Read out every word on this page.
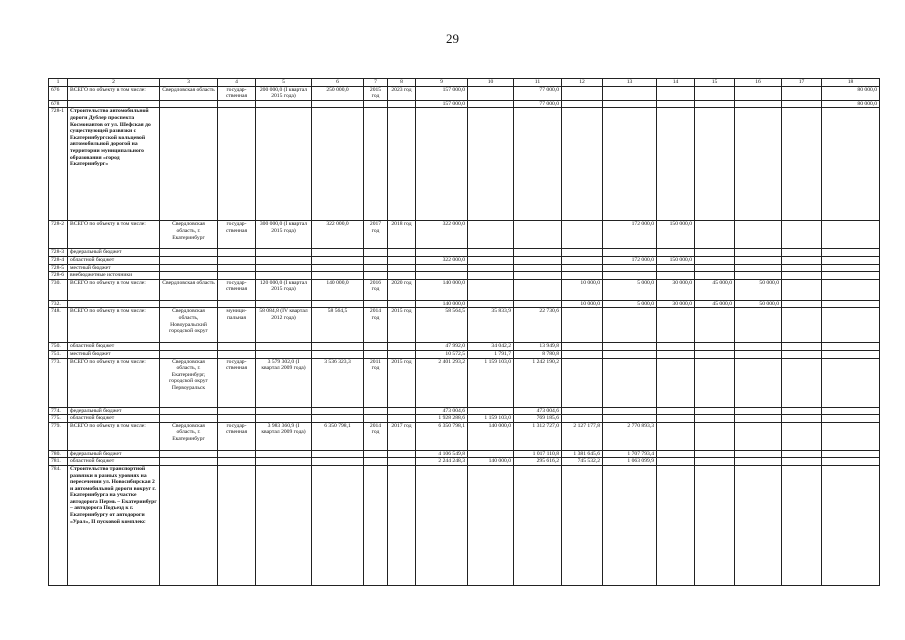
29
1	2	3	4	5	6	7	8	9	10	11	12	13	14	15	16	17	18
676	ВСЕГО по объекту в том числе:	Свердловская область	государ-ственная	200 000,0 (I квартал 2015 года)	250 000,0	2015 год	2023 год	157 000,0		77 000,0							80 000,0
678								157 000,0		77 000,0							80 000,0
728-1	Строительство автомобильной дороги Дублер проспекта Космонавтов от ул. Шефская до существующей развязки с Екатеринбургской кольцевой автомобильной дорогой на территории муниципального образования «город Екатеринбург»																
728-2	ВСЕГО по объекту в том числе:	Свердловская область, г. Екатеринбург	государ-ственная	300 000,0 (I квартал 2015 года)	322 000,0	2017 год	2018 год	322 000,0				172 000,0	150 000,0				
728-3	федеральный бюджет																
728-4	областной бюджет							322 000,0				172 000,0	150 000,0				
728-5	местный бюджет																
728-6	внебюджетные источники																
730.	ВСЕГО по объекту в том числе:	Свердловская область	государ-ственная	120 000,0 (I квартал 2015 года)	140 000,0	2016 год	2020 год	140 000,0			10 000,0	5 000,0	30 000,0	45 000,0	50 000,0		
732.								140 000,0			10 000,0	5 000,0	30 000,0	45 000,0	50 000,0		
748.	ВСЕГО по объекту в том числе:	Свердловская область, Новоуральский городской округ	муници-пальная	58 084,8 (IV квартал 2012 года)	58 564,5	2014 год	2015 год	58 564,5	35 833,9	22 730,6							
750.	областной бюджет							47 992,0	34 042,2	13 949,8							
751.	местный бюджет							10 572,5	1 791,7	8 780,8							
773.	ВСЕГО по объекту в том числе:	Свердловская область, г. Екатеринбург, городской округ Первоуральск	государ-ственная	3 579 302,0 (I квартал 2009 года)	3 536 323,3	2011 год	2015 год	2 401 293,2	1 159 103,0	1 242 190,2							
774.	федеральный бюджет							473 004,6		473 004,6							
775.	областной бюджет							1 928 288,6	1 159 103,0	769 185,6							
779.	ВСЕГО по объекту в том числе:	Свердловская область, г. Екатеринбург	государ-ственная	3 983 360,9 (I квартал 2009 года)	6 350 798,1	2014 год	2017 год	6 350 798,1	140 000,0	1 312 727,0	2 127 177,8	2 770 893,3					
780.	федеральный бюджет							4 106 549,8		1 017 110,8	1 381 645,6	1 707 793,4					
781.	областной бюджет							2 244 248,3	140 000,0	295 616,2	745 532,2	1 063 099,9					
784.	Строительство транспортной развязки в разных уровнях на пересечении ул. Новосибирская 2 и автомобильной дороги вокруг г. Екатеринбурга на участке автодорога Пермь – Екатеринбург – автодорога Подъезд к г. Екатеринбургу от автодороги «Урал», II пусковой комплекс																
